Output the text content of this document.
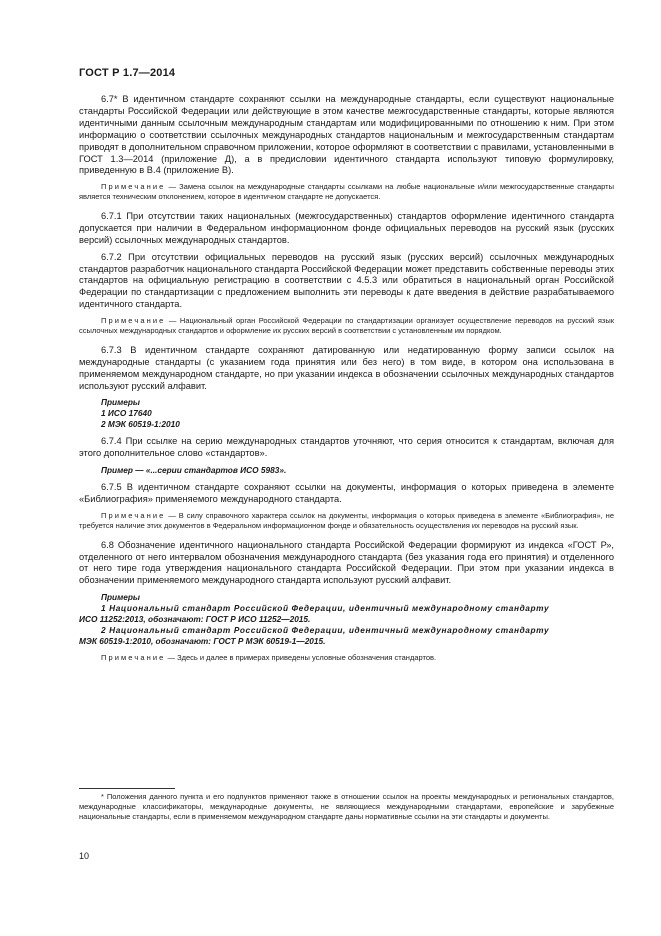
ГОСТ Р 1.7—2014

6.7* В идентичном стандарте сохраняют ссылки на международные стандарты, если существуют национальные стандарты Российской Федерации или действующие в этом качестве межгосударственные стандарты, которые являются идентичными данным ссылочным международным стандартам или модифицированными по отношению к ним. При этом информацию о соответствии ссылочных международных стандартов национальным и межгосударственным стандартам приводят в дополнительном справочном приложении, которое оформляют в соответствии с правилами, установленными в ГОСТ 1.3—2014 (приложение Д), а в предисловии идентичного стандарта используют типовую формулировку, приведенную в В.4 (приложение В).

Примечание — Замена ссылок на международные стандарты ссылками на любые национальные и/или межгосударственные стандарты является техническим отклонением, которое в идентичном стандарте не допускается.

6.7.1 При отсутствии таких национальных (межгосударственных) стандартов оформление идентичного стандарта допускается при наличии в Федеральном информационном фонде официальных переводов на русский язык (русских версий) ссылочных международных стандартов.

6.7.2 При отсутствии официальных переводов на русский язык (русских версий) ссылочных международных стандартов разработчик национального стандарта Российской Федерации может представить собственные переводы этих стандартов на официальную регистрацию в соответствии с 4.5.3 или обратиться в национальный орган Российской Федерации по стандартизации с предложением выполнить эти переводы к дате введения в действие разрабатываемого идентичного стандарта.

Примечание — Национальный орган Российской Федерации по стандартизации организует осуществление переводов на русский язык ссылочных международных стандартов и оформление их русских версий в соответствии с установленным им порядком.

6.7.3 В идентичном стандарте сохраняют датированную или недатированную форму записи ссылок на международные стандарты (с указанием года принятия или без него) в том виде, в котором она использована в применяемом международном стандарте, но при указании индекса в обозначении ссылочных международных стандартов используют русский алфавит.

Примеры

1 ИСО 17640

2 МЭК 60519-1:2010

6.7.4 При ссылке на серию международных стандартов уточняют, что серия относится к стандартам, включая для этого дополнительное слово «стандартов».

Пример — «...серии стандартов ИСО 5983».

6.7.5 В идентичном стандарте сохраняют ссылки на документы, информация о которых приведена в элементе «Библиография» применяемого международного стандарта.

Примечание — В силу справочного характера ссылок на документы, информация о которых приведена в элементе «Библиография», не требуется наличие этих документов в Федеральном информационном фонде и обязательность осуществления их переводов на русский язык.

6.8 Обозначение идентичного национального стандарта Российской Федерации формируют из индекса «ГОСТ Р», отделенного от него интервалом обозначения международного стандарта (без указания года его принятия) и отделенного от него тире года утверждения национального стандарта Российской Федерации. При этом при указании индекса в обозначении применяемого международного стандарта используют русский алфавит.

Примеры

1 Национальный стандарт Российской Федерации, идентичный международному стандарту

ИСО 11252:2013, обозначают: ГОСТ Р ИСО 11252—2015.

2 Национальный стандарт Российской Федерации, идентичный международному стандарту

МЭК 60519-1:2010, обозначают: ГОСТ Р МЭК 60519-1—2015.

Примечание — Здесь и далее в примерах приведены условные обозначения стандартов.

* Положения данного пункта и его подпунктов применяют также в отношении ссылок на проекты международных и региональных стандартов, международные классификаторы, международные документы, не являющиеся международными стандартами, европейские и зарубежные национальные стандарты, если в применяемом международном стандарте даны нормативные ссылки на эти стандарты и документы.

10
